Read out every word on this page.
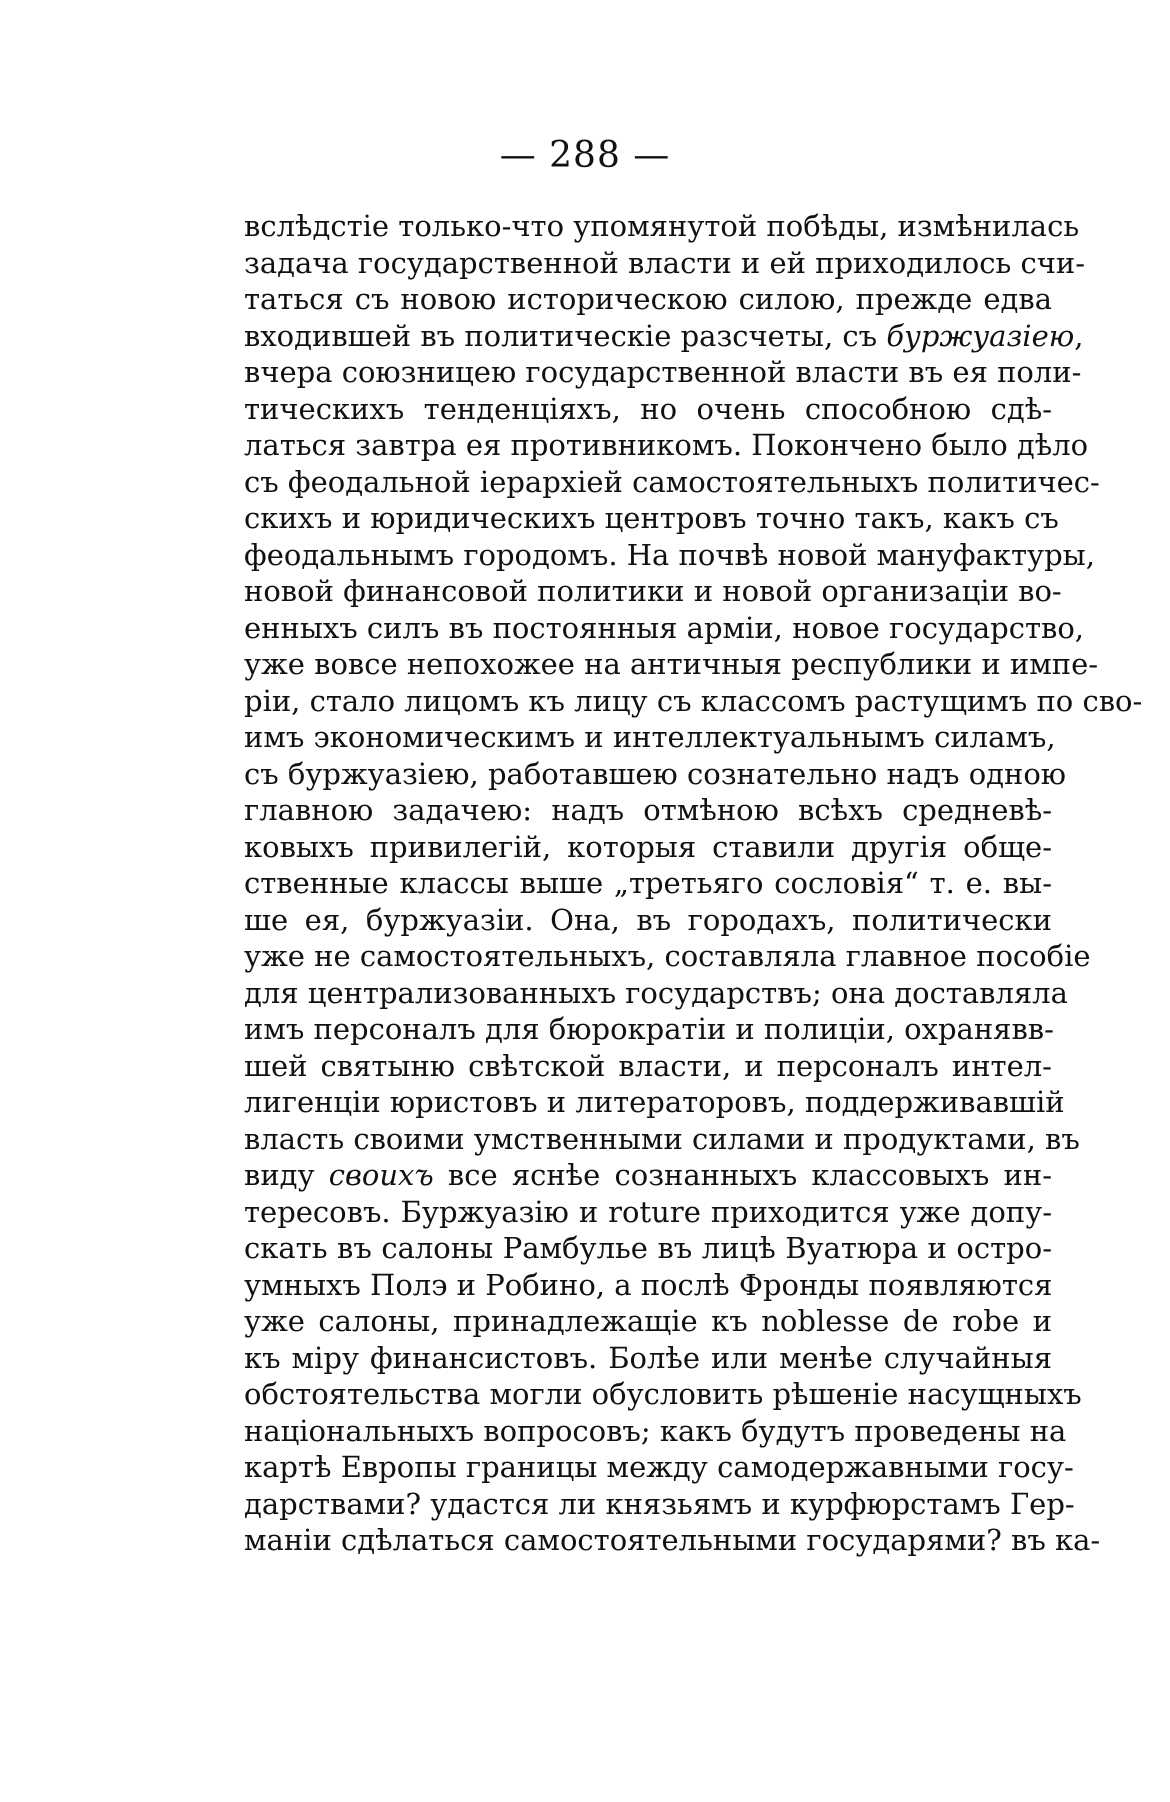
— 288 —
вслѣдстіе только-что упомянутой побѣды, измѣнилась
задача государственной власти и ей приходилось счи-
таться съ новою историческою силою, прежде едва
входившей въ политическіе разсчеты, съ буржуазіею,
вчера союзницею государственной власти въ ея поли-
тическихъ тенденціяхъ, но очень способною сдѣ-
латься завтра ея противникомъ. Покончено было дѣло
съ феодальной іерархіей самостоятельныхъ политичес-
скихъ и юридическихъ центровъ точно такъ, какъ съ
феодальнымъ городомъ. На почвѣ новой мануфактуры,
новой финансовой политики и новой организаціи во-
енныхъ силъ въ постоянныя арміи, новое государство,
уже вовсе непохожее на античныя республики и импе-
ріи, стало лицомъ къ лицу съ классомъ растущимъ по сво-
имъ экономическимъ и интеллектуальнымъ силамъ,
съ буржуазіею, работавшею сознательно надъ одною
главною задачею: надъ отмѣною всѣхъ средневѣ-
ковыхъ привилегій, которыя ставили другія обще-
ственные классы выше „третьяго сословія“ т. е. вы-
ше ея, буржуазіи. Она, въ городахъ, политически
уже не самостоятельныхъ, составляла главное пособіе
для централизованныхъ государствъ; она доставляла
имъ персоналъ для бюрократіи и полиціи, охранявв-
шей святыню свѣтской власти, и персоналъ интел-
лигенціи юристовъ и литераторовъ, поддерживавшій
власть своими умственными силами и продуктами, въ
виду своихъ все яснѣе сознанныхъ классовыхъ ин-
тересовъ. Буржуазію и roture приходится уже допу-
скать въ салоны Рамбулье въ лицѣ Вуатюра и остро-
умныхъ Полэ и Робино, а послѣ Фронды появляются
уже салоны, принадлежащіе къ noblesse de robe и
къ міру финансистовъ. Болѣе или менѣе случайныя
обстоятельства могли обусловить рѣшеніе насущныхъ
національныхъ вопросовъ; какъ будутъ проведены на
картѣ Европы границы между самодержавными госу-
дарствами? удастся ли князьямъ и курфюрстамъ Гер-
маніи сдѣлаться самостоятельными государями? въ ка-
